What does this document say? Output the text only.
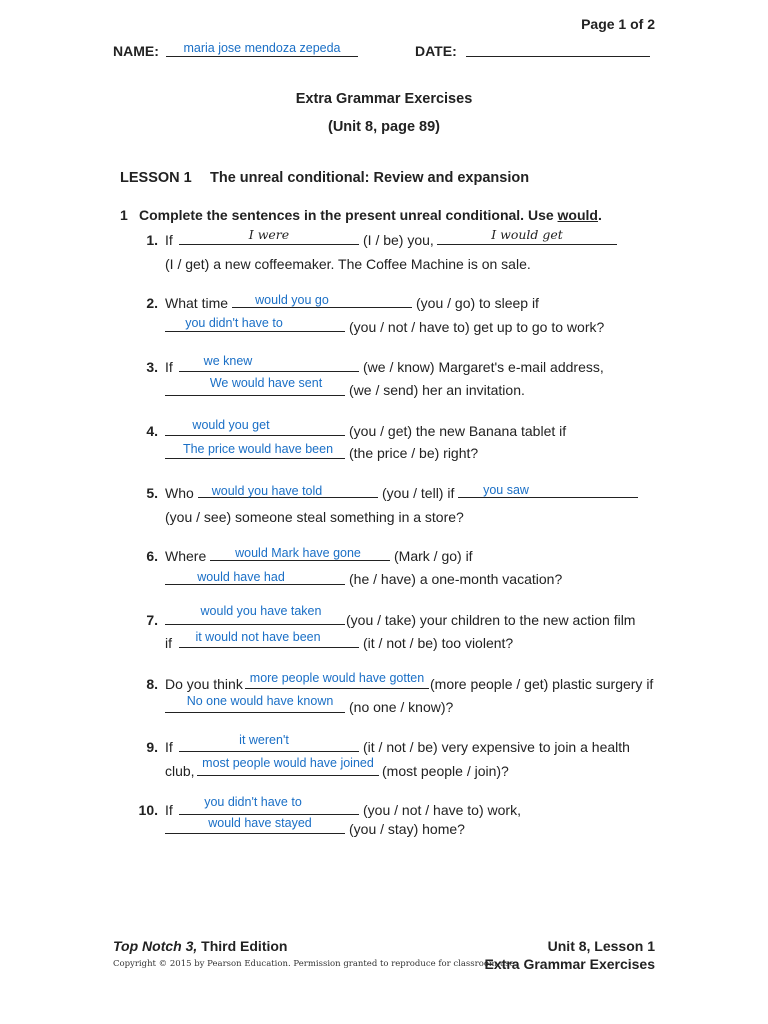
Page 1 of 2
NAME:	maria jose mendoza zepeda	DATE:
Extra Grammar Exercises
(Unit 8, page 89)
LESSON 1 The unreal conditional: Review and expansion
1 Complete the sentences in the present unreal conditional. Use would.
1. If	I were	(I / be) you,	I would get
(I / get) a new coffeemaker. The Coffee Machine is on sale.
2. What time	would you go	(you / go) to sleep if
you didn't have to	(you / not / have to) get up to go to work?
3. If	we knew	(we / know) Margaret's e-mail address,
We would have sent	(we / send) her an invitation.
4.	would you get	(you / get) the new Banana tablet if
The price would have been	(the price / be) right?
5. Who	would you have told	(you / tell) if	you saw
(you / see) someone steal something in a store?
6. Where	would Mark have gone	(Mark / go) if
would have had	(he / have) a one-month vacation?
7.
would you have taken
(you / take) your children to the new action film
if	it would not have been	(it / not / be) too violent?
8. Do you think more people would have gotten (more people / get) plastic surgery if
No one would have known	(no one / know)?
9. If	it weren't	(it / not / be) very expensive to join a health
club, most people would have joined (most people / join)?
10. If	you didn't have to	(you / not / have to) work,
would have stayed	(you / stay) home?
Top Notch 3, Third Edition
Copyright © 2015 by Pearson Education. Permission granted to reproduce for classroom use.
Unit 8, Lesson 1
Extra Grammar Exercises
